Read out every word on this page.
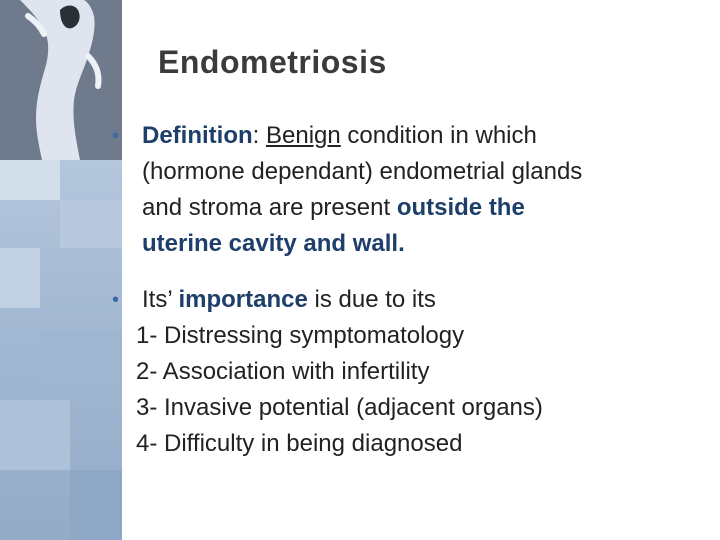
Endometriosis
• Definition: Benign condition in which
(hormone dependant) endometrial glands
and stroma are present outside the
uterine cavity and wall.
• Its’ importance is due to its
1- Distressing symptomatology
2- Association with infertility
3- Invasive potential (adjacent organs)
4- Difficulty in being diagnosed
